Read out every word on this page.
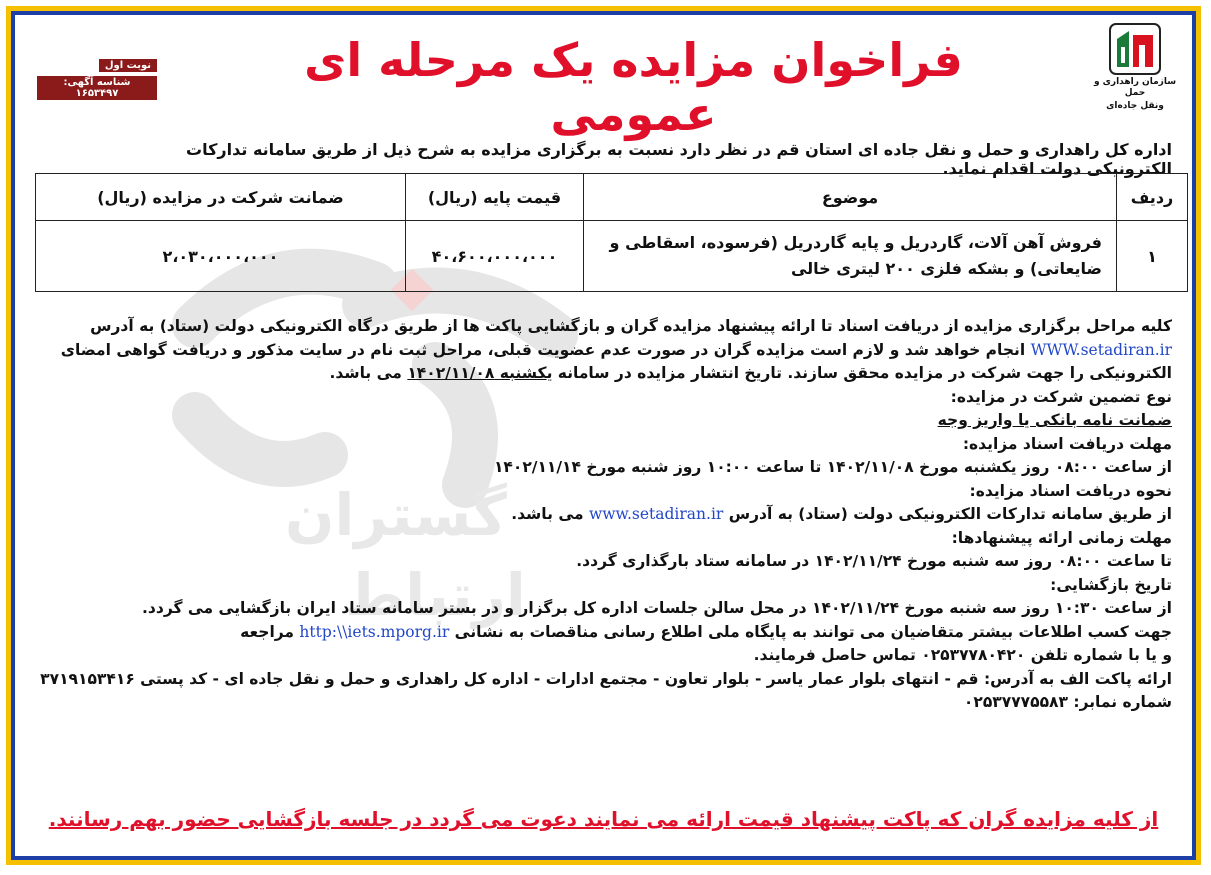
گستران
ارتباط
سازمان راهداری و حمل
ونقل جاده‌ای
فراخوان مزایده یک مرحله ای عمومی
نوبت اول
شناسه آگهی: ۱۶۵۳۴۹۷
اداره کل راهداری و حمل و نقل جاده ای استان قم در نظر دارد نسبت به برگزاری مزایده به شرح ذیل از طریق سامانه تدارکات الکترونیکی دولت اقدام نماید.
ردیف	موضوع	قیمت پایه (ریال)	ضمانت شرکت در مزایده (ریال)
۱	فروش آهن آلات، گاردریل و پایه گاردریل (فرسوده، اسقاطی و
ضایعاتی) و بشکه فلزی ۲۰۰ لیتری خالی	۴۰،۶۰۰،۰۰۰،۰۰۰	۲،۰۳۰،۰۰۰،۰۰۰

کلیه مراحل برگزاری مزایده از دریافت اسناد تا ارائه پیشنهاد مزایده گران و بازگشایی پاکت ها از طریق درگاه الکترونیکی دولت (ستاد) به آدرس WWW.setadiran.ir انجام خواهد شد و لازم است مزایده گران در صورت عدم عضویت قبلی، مراحل ثبت نام در سایت مذکور و دریافت گواهی امضای الکترونیکی را جهت شرکت در مزایده محقق سازند. تاریخ انتشار مزایده در سامانه یکشنبه ۱۴۰۲/۱۱/۰۸ می باشد.

نوع تضمین شرکت در مزایده:

ضمانت نامه بانکی یا واریز وجه

مهلت دریافت اسناد مزایده:

از ساعت ۰۸:۰۰ روز یکشنبه مورخ ۱۴۰۲/۱۱/۰۸ تا ساعت ۱۰:۰۰ روز شنبه مورخ ۱۴۰۲/۱۱/۱۴

نحوه دریافت اسناد مزایده:

از طریق سامانه تدارکات الکترونیکی دولت (ستاد) به آدرس www.setadiran.ir می باشد.

مهلت زمانی ارائه پیشنهادها:

تا ساعت ۰۸:۰۰ روز سه شنبه مورخ ۱۴۰۲/۱۱/۲۴ در سامانه ستاد بارگذاری گردد.

تاریخ بازگشایی:

از ساعت ۱۰:۳۰ روز سه شنبه مورخ ۱۴۰۲/۱۱/۲۴ در محل سالن جلسات اداره کل برگزار و در بستر سامانه ستاد ایران بازگشایی می گردد.

جهت کسب اطلاعات بیشتر متقاضیان می توانند به پایگاه ملی اطلاع رسانی مناقصات به نشانی http:\\iets.mporg.ir مراجعه

و یا با شماره تلفن ۰۲۵۳۷۷۸۰۴۲۰ تماس حاصل فرمایند.

ارائه پاکت الف به آدرس: قم - انتهای بلوار عمار یاسر - بلوار تعاون - مجتمع ادارات - اداره کل راهداری و حمل و نقل جاده ای - کد پستی ۳۷۱۹۱۵۳۴۱۶

شماره نمابر: ۰۲۵۳۷۷۷۵۵۸۳

از کلیه مزایده گران که پاکت پیشنهاد قیمت ارائه می نمایند دعوت می گردد در جلسه بازگشایی حضور بهم رسانند.
